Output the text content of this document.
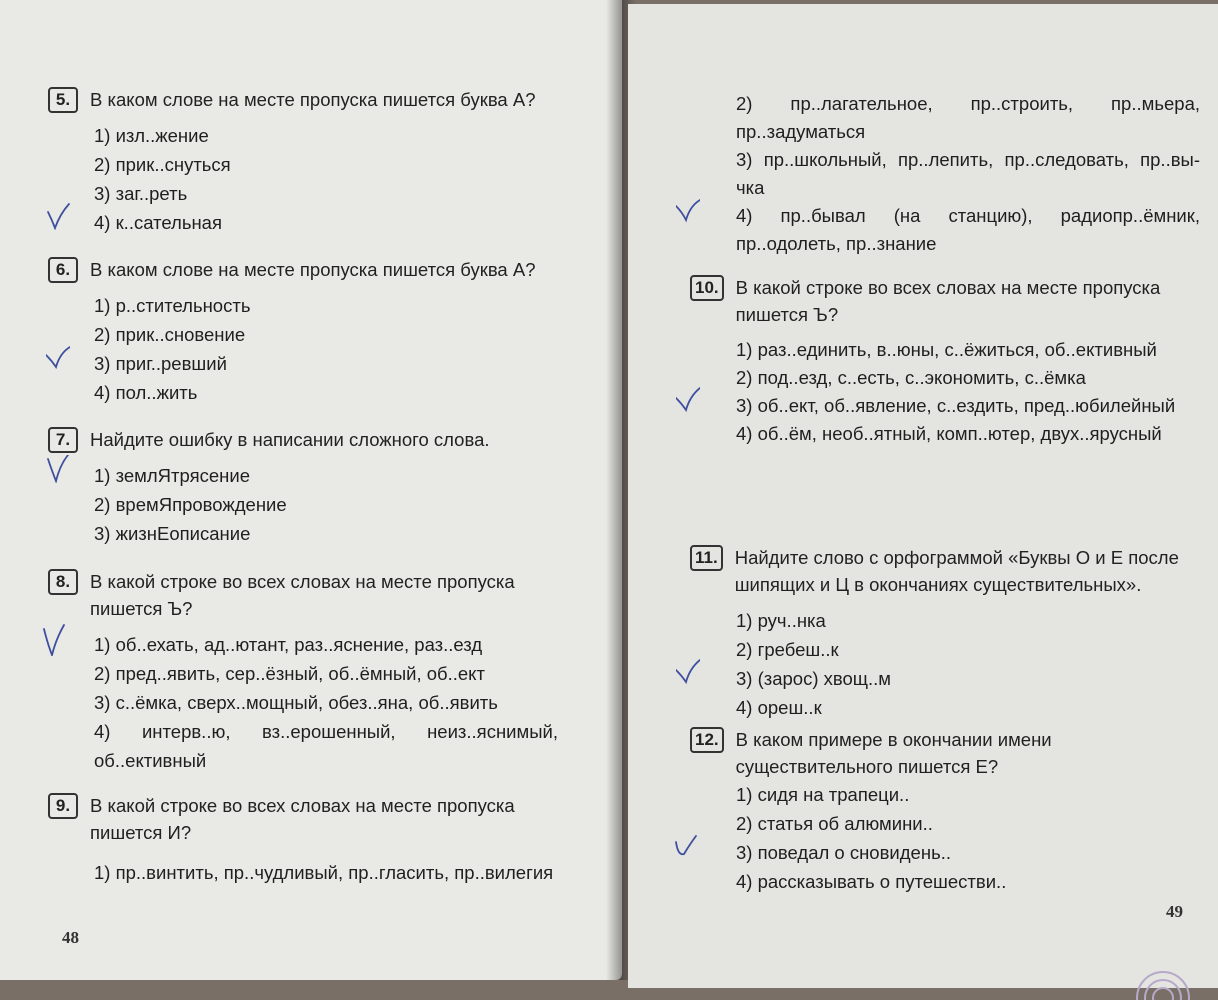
5.	В каком слове на месте пропуска пишется буква А?
1) изл..жение
2) прик..снуться
3) заг..реть
4) к..сательная
6.	В каком слове на месте пропуска пишется буква А?
1) р..стительность
2) прик..сновение
3) приг..ревший
4) пол..жить
7.	Найдите ошибку в написании сложного слова.
1) землЯтрясение
2) времЯпровождение
3) жизнЕописание
8.	В какой строке во всех словах на месте пропуска пишется Ъ?
1) об..ехать, ад..ютант, раз..яснение, раз..езд
2) пред..явить, сер..ёзный, об..ёмный, об..ект
3) с..ёмка, сверх..мощный, обез..яна, об..явить
4) интерв..ю, вз..ерошенный, неиз..яснимый, об..ективный
9.	В какой строке во всех словах на месте пропуска пишется И?
1) пр..винтить, пр..чудливый, пр..гласить, пр..вилегия
48
2) пр..лагательное, пр..строить, пр..мьера, пр..задуматься
3) пр..школьный, пр..лепить, пр..следовать, пр..вы-чка
4) пр..бывал (на станцию), радиопр..ёмник, пр..одолеть, пр..знание
10. В какой строке во всех словах на месте пропуска пишется Ъ?
1) раз..единить, в..юны, с..ёжиться, об..ективный
2) под..езд, с..есть, с..экономить, с..ёмка
3) об..ект, об..явление, с..ездить, пред..юбилейный
4) об..ём, необ..ятный, комп..ютер, двух..ярусный
11. Найдите слово с орфограммой «Буквы О и Е после шипящих и Ц в окончаниях существительных».
1) руч..нка
2) гребеш..к
3) (зарос) хвощ..м
4) ореш..к
12. В каком примере в окончании имени существительного пишется Е?
1) сидя на трапеци..
2) статья об алюмини..
3) поведал о сновидень..
4) рассказывать о путешестви..
49
